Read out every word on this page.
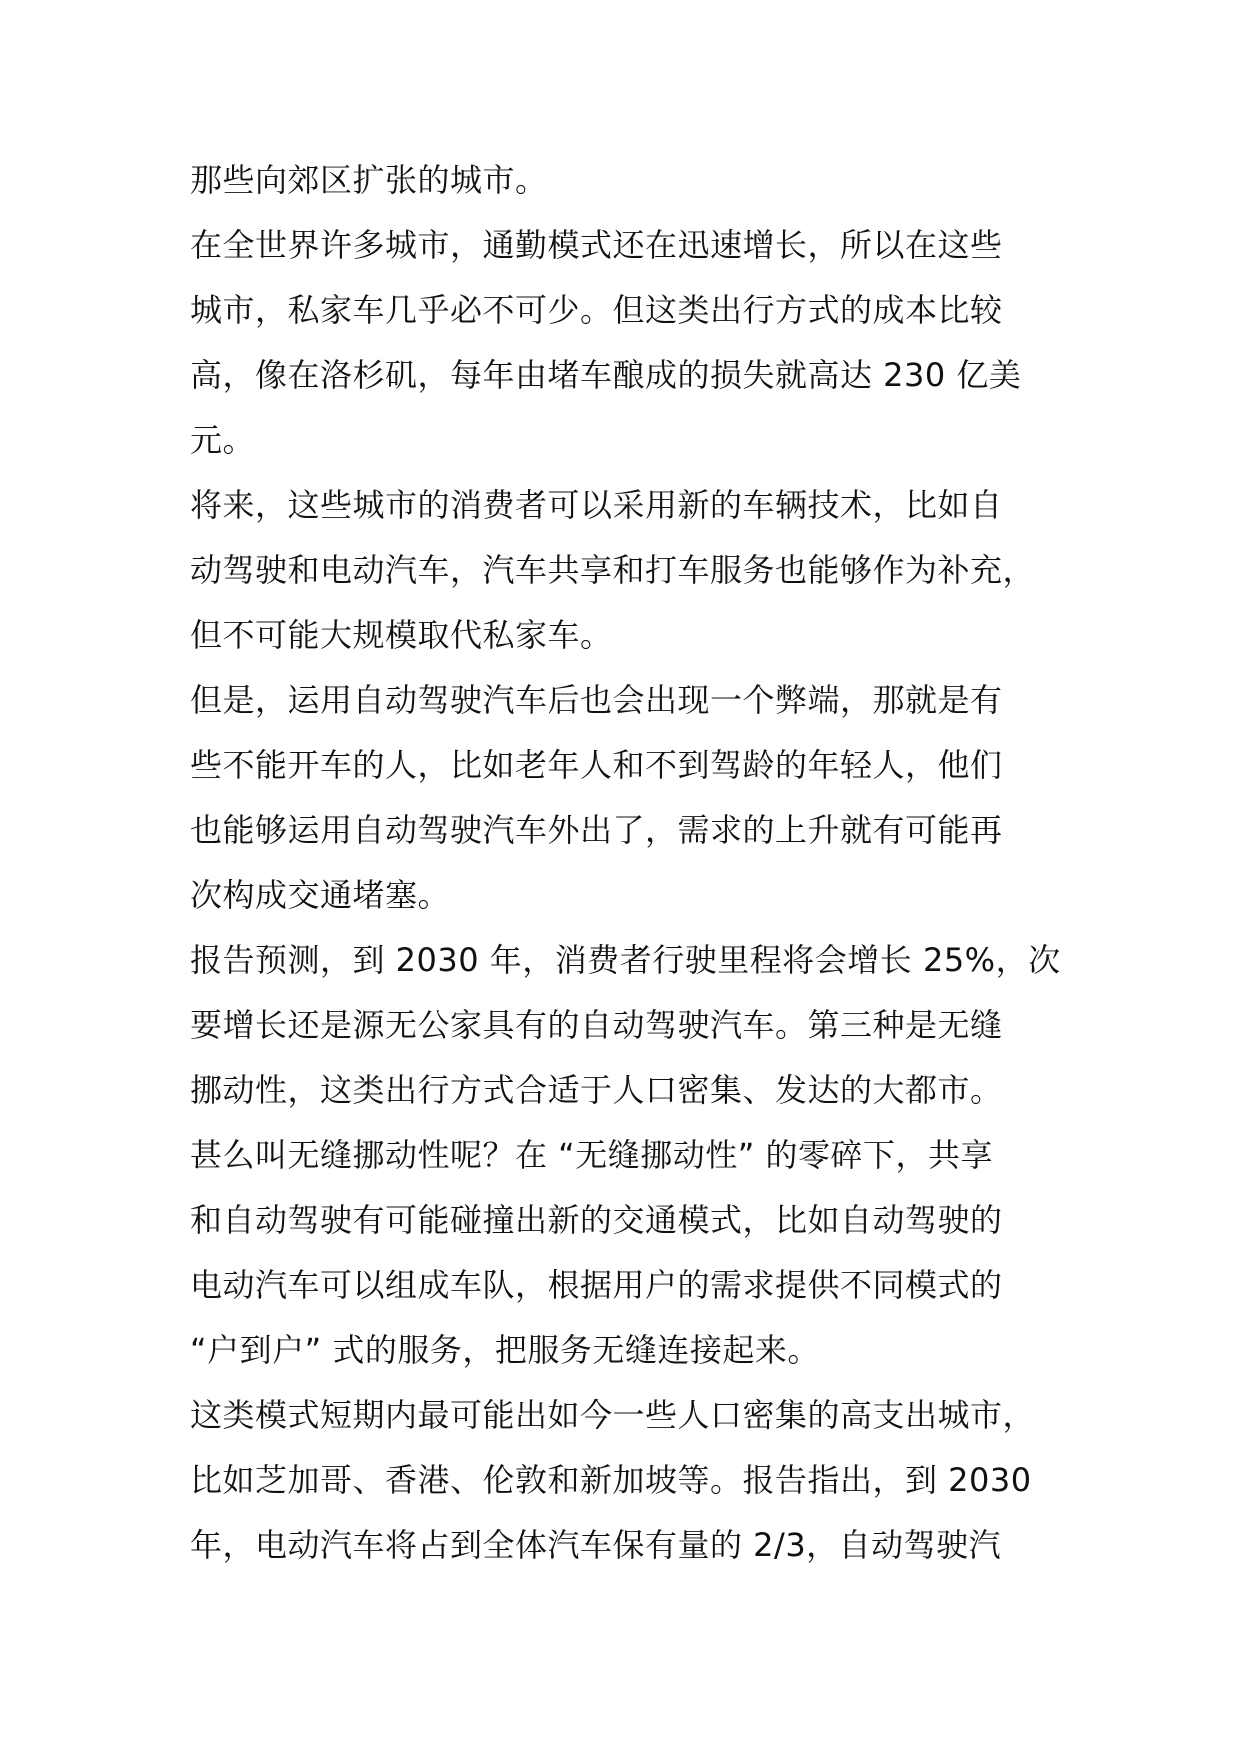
那些向郊区扩张的城市。
在全世界许多城市，通勤模式还在迅速增长，所以在这些
城市，私家车几乎必不可少。但这类出行方式的成本比较
高，像在洛杉矶，每年由堵车酿成的损失就高达 230 亿美
元。
将来，这些城市的消费者可以采用新的车辆技术，比如自
动驾驶和电动汽车，汽车共享和打车服务也能够作为补充，
但不可能大规模取代私家车。
但是，运用自动驾驶汽车后也会出现一个弊端，那就是有
些不能开车的人，比如老年人和不到驾龄的年轻人，他们
也能够运用自动驾驶汽车外出了，需求的上升就有可能再
次构成交通堵塞。
报告预测，到 2030 年，消费者行驶里程将会增长 25%，次
要增长还是源无公家具有的自动驾驶汽车。第三种是无缝
挪动性，这类出行方式合适于人口密集、发达的大都市。
甚么叫无缝挪动性呢？在 “无缝挪动性” 的零碎下，共享
和自动驾驶有可能碰撞出新的交通模式，比如自动驾驶的
电动汽车可以组成车队，根据用户的需求提供不同模式的
“户到户” 式的服务，把服务无缝连接起来。
这类模式短期内最可能出如今一些人口密集的高支出城市，
比如芝加哥、香港、伦敦和新加坡等。报告指出，到 2030
年，电动汽车将占到全体汽车保有量的 2/3，自动驾驶汽
